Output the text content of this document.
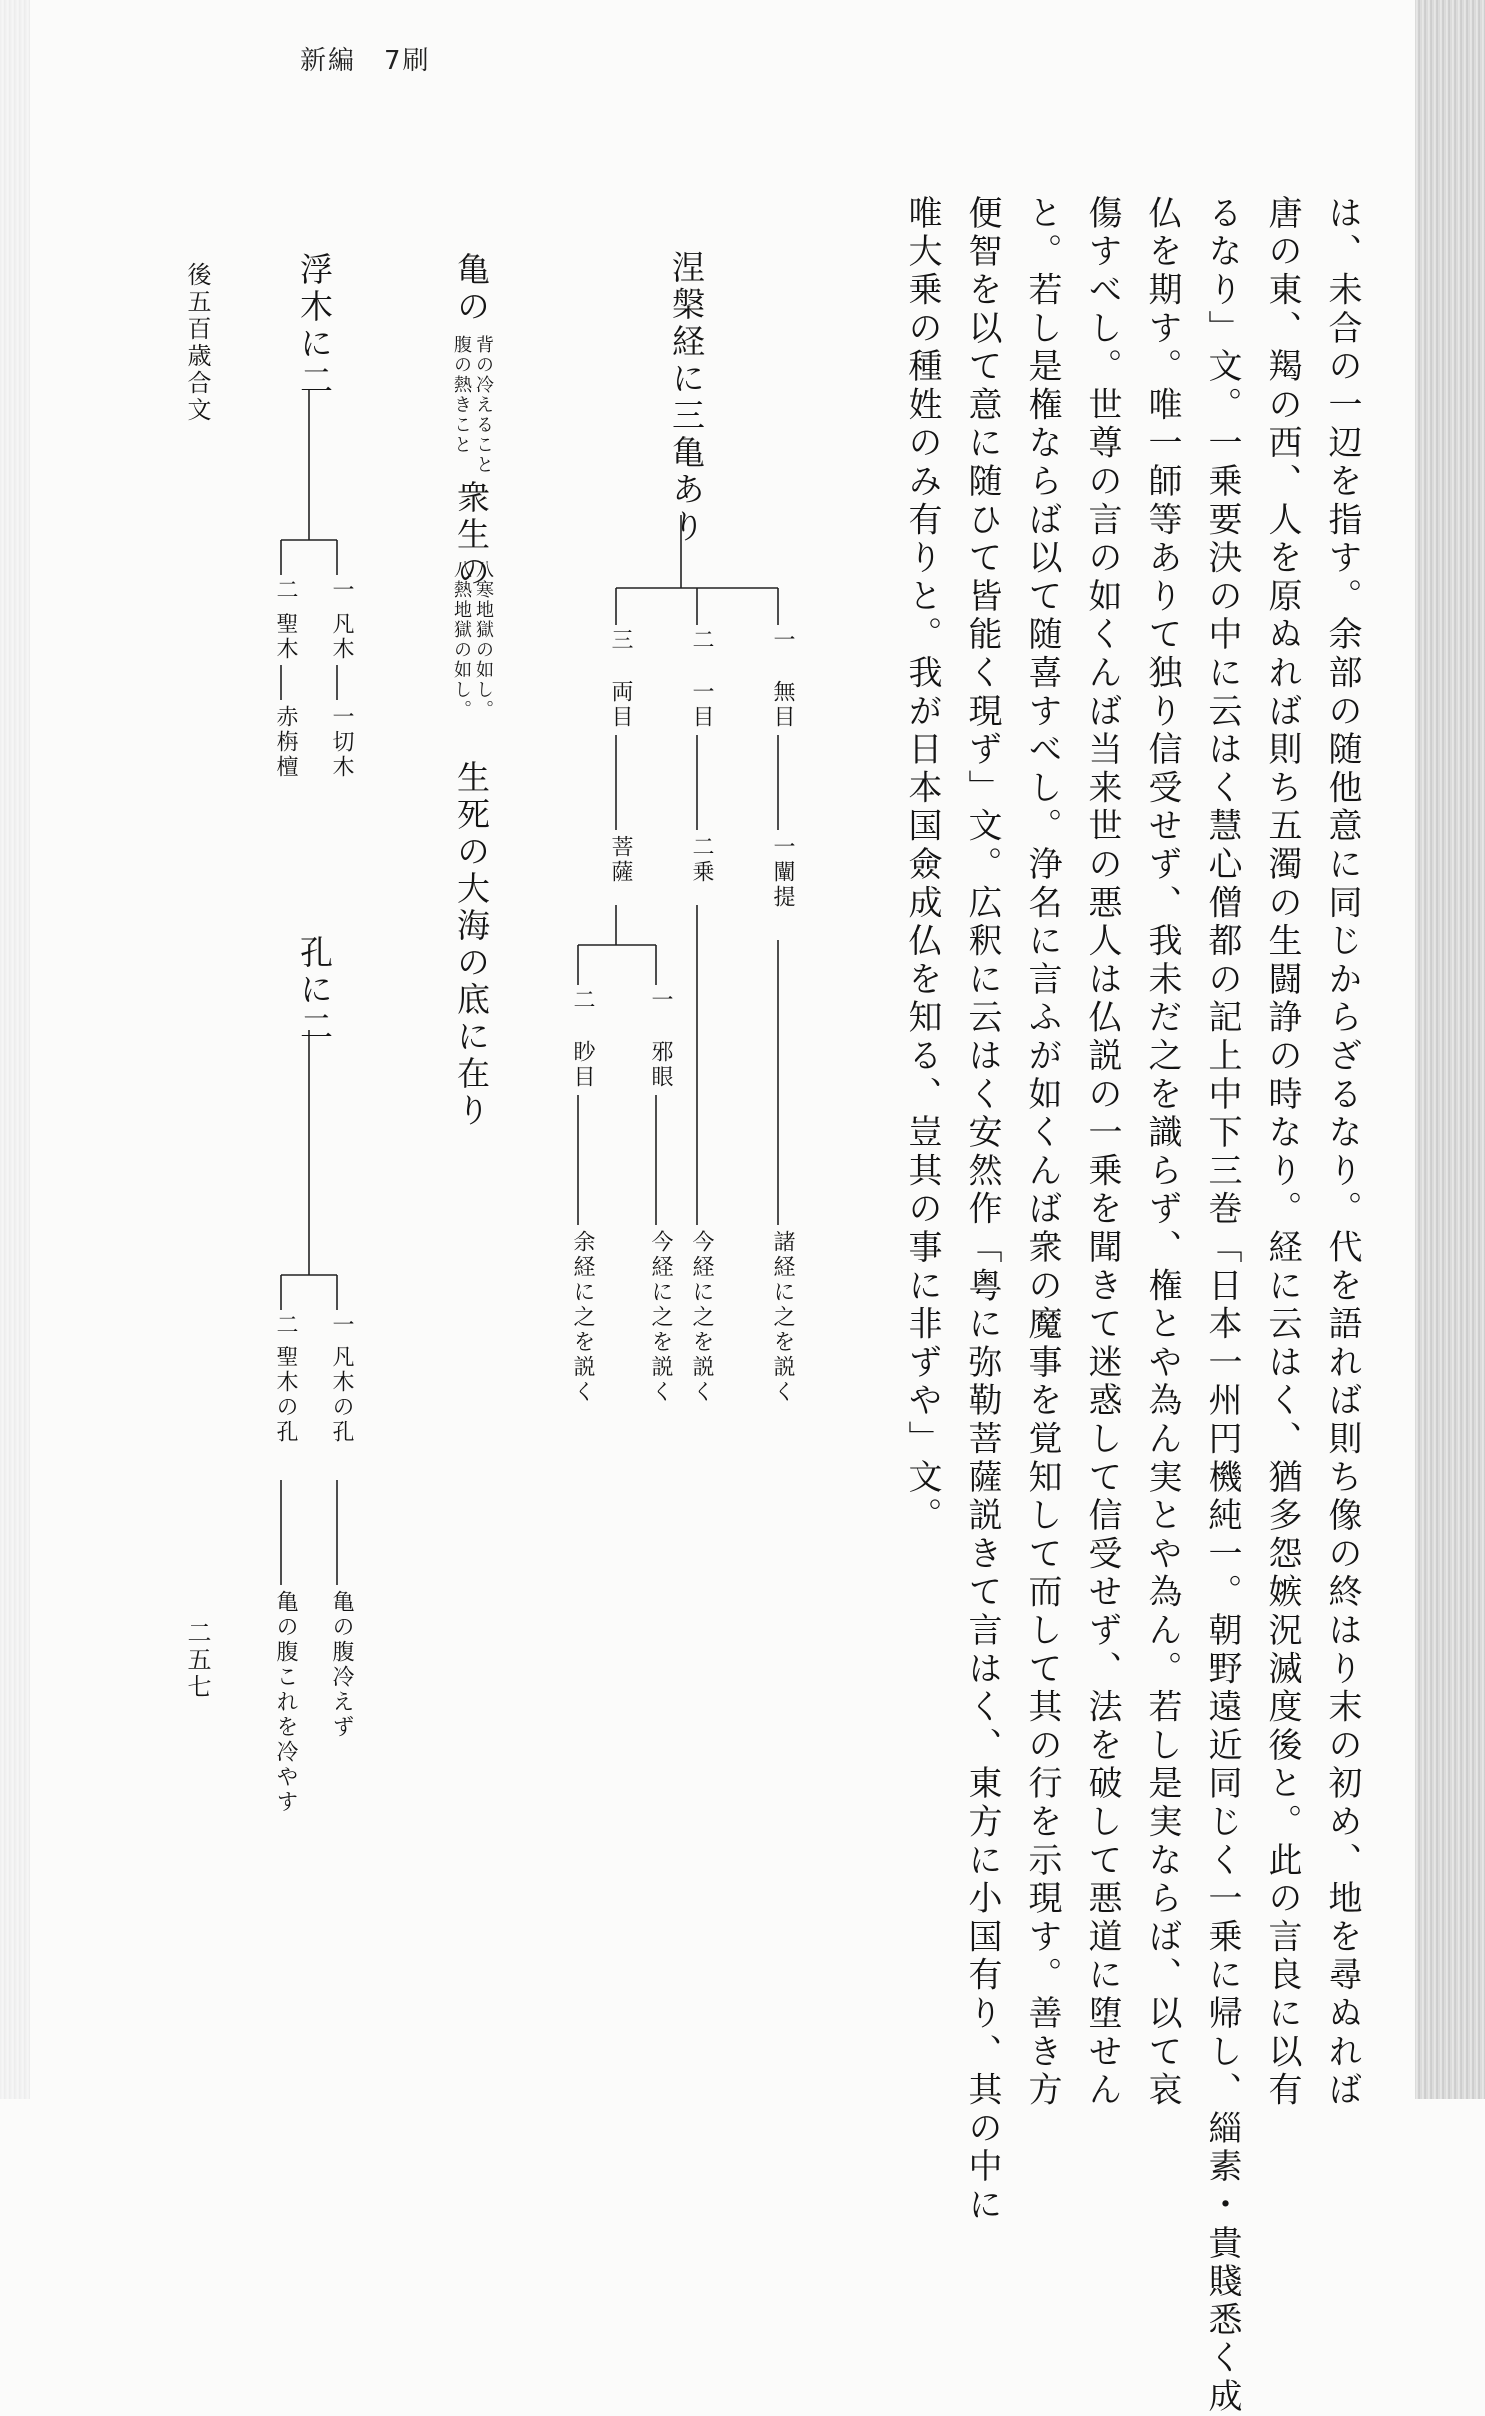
新編　7刷
は、未合の一辺を指す。余部の随他意に同じからざるなり。代を語れば則ち像の終はり末の初め、地を尋ぬれば
唐の東、羯の西、人を原ぬれば則ち五濁の生闘諍の時なり。経に云はく、猶多怨嫉況滅度後と。此の言良に以有
るなり」文。一乗要決の中に云はく慧心僧都の記上中下三巻「日本一州円機純一。朝野遠近同じく一乗に帰し、緇素・貴賤悉く成
仏を期す。唯一師等ありて独り信受せず、我未だ之を識らず、権とや為ん実とや為ん。若し是実ならば、以て哀
傷すべし。世尊の言の如くんば当来世の悪人は仏説の一乗を聞きて迷惑して信受せず、法を破して悪道に堕せん
と。若し是権ならば以て随喜すべし。浄名に言ふが如くんば衆の魔事を覚知して而して其の行を示現す。善き方
便智を以て意に随ひて皆能く現ず」文。広釈に云はく安然作「粤に弥勒菩薩説きて言はく、東方に小国有り、其の中に
唯大乗の種姓のみ有りと。我が日本国僉成仏を知る、豈其の事に非ずや」文。
涅槃経に三亀あり
一
無目
一闡提
諸経に之を説く
二
一目
二乗
今経に之を説く
三
両目
菩薩
一
邪眼
今経に之を説く
二
眇目
余経に之を説く
亀の
背の冷えること
腹の熱きこと
衆生の
八寒地獄の如し。
八熱地獄の如し。
生死の大海の底に在り
浮木に二
一
凡木
一切木
二
聖木
赤栴檀
孔に二
一
凡木の孔
亀の腹冷えず
二
聖木の孔
亀の腹これを冷やす
後五百歳合文
二五七
